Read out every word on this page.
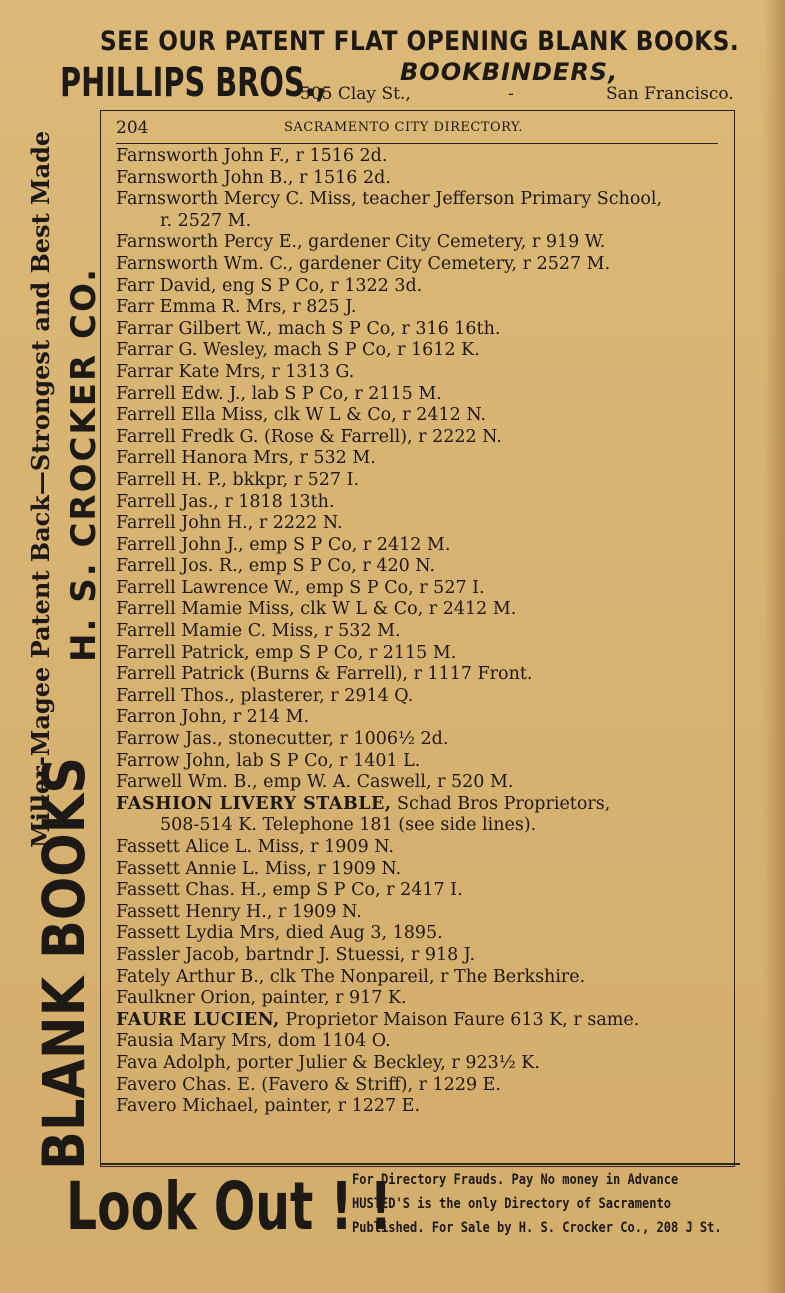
SEE OUR PATENT FLAT OPENING BLANK BOOKS.
PHILLIPS BROS.,	BOOKBINDERS,
505 Clay St.,	-	San Francisco.
BLANK BOOKS
Miller-Magee Patent Back—Strongest and Best Made H. S. CROCKER CO.
204	SACRAMENTO CITY DIRECTORY.
Farnsworth John F., r 1516 2d.
Farnsworth John B., r 1516 2d.
Farnsworth Mercy C. Miss, teacher Jefferson Primary School,
r. 2527 M.
Farnsworth Percy E., gardener City Cemetery, r 919 W.
Farnsworth Wm. C., gardener City Cemetery, r 2527 M.
Farr David, eng S P Co, r 1322 3d.
Farr Emma R. Mrs, r 825 J.
Farrar Gilbert W., mach S P Co, r 316 16th.
Farrar G. Wesley, mach S P Co, r 1612 K.
Farrar Kate Mrs, r 1313 G.
Farrell Edw. J., lab S P Co, r 2115 M.
Farrell Ella Miss, clk W L & Co, r 2412 N.
Farrell Fredk G. (Rose & Farrell), r 2222 N.
Farrell Hanora Mrs, r 532 M.
Farrell H. P., bkkpr, r 527 I.
Farrell Jas., r 1818 13th.
Farrell John H., r 2222 N.
Farrell John J., emp S P Co, r 2412 M.
Farrell Jos. R., emp S P Co, r 420 N.
Farrell Lawrence W., emp S P Co, r 527 I.
Farrell Mamie Miss, clk W L & Co, r 2412 M.
Farrell Mamie C. Miss, r 532 M.
Farrell Patrick, emp S P Co, r 2115 M.
Farrell Patrick (Burns & Farrell), r 1117 Front.
Farrell Thos., plasterer, r 2914 Q.
Farron John, r 214 M.
Farrow Jas., stonecutter, r 1006½ 2d.
Farrow John, lab S P Co, r 1401 L.
Farwell Wm. B., emp W. A. Caswell, r 520 M.
FASHION LIVERY STABLE, Schad Bros Proprietors,
508-514 K. Telephone 181 (see side lines).
Fassett Alice L. Miss, r 1909 N.
Fassett Annie L. Miss, r 1909 N.
Fassett Chas. H., emp S P Co, r 2417 I.
Fassett Henry H., r 1909 N.
Fassett Lydia Mrs, died Aug 3, 1895.
Fassler Jacob, bartndr J. Stuessi, r 918 J.
Fately Arthur B., clk The Nonpareil, r The Berkshire.
Faulkner Orion, painter, r 917 K.
FAURE LUCIEN, Proprietor Maison Faure 613 K, r same.
Fausia Mary Mrs, dom 1104 O.
Fava Adolph, porter Julier & Beckley, r 923½ K.
Favero Chas. E. (Favero & Striff), r 1229 E.
Favero Michael, painter, r 1227 E.
Look Out ! !
For Directory Frauds. Pay No money in Advance
HUSTED'S is the only Directory of Sacramento
Published. For Sale by H. S. Crocker Co., 208 J St.
